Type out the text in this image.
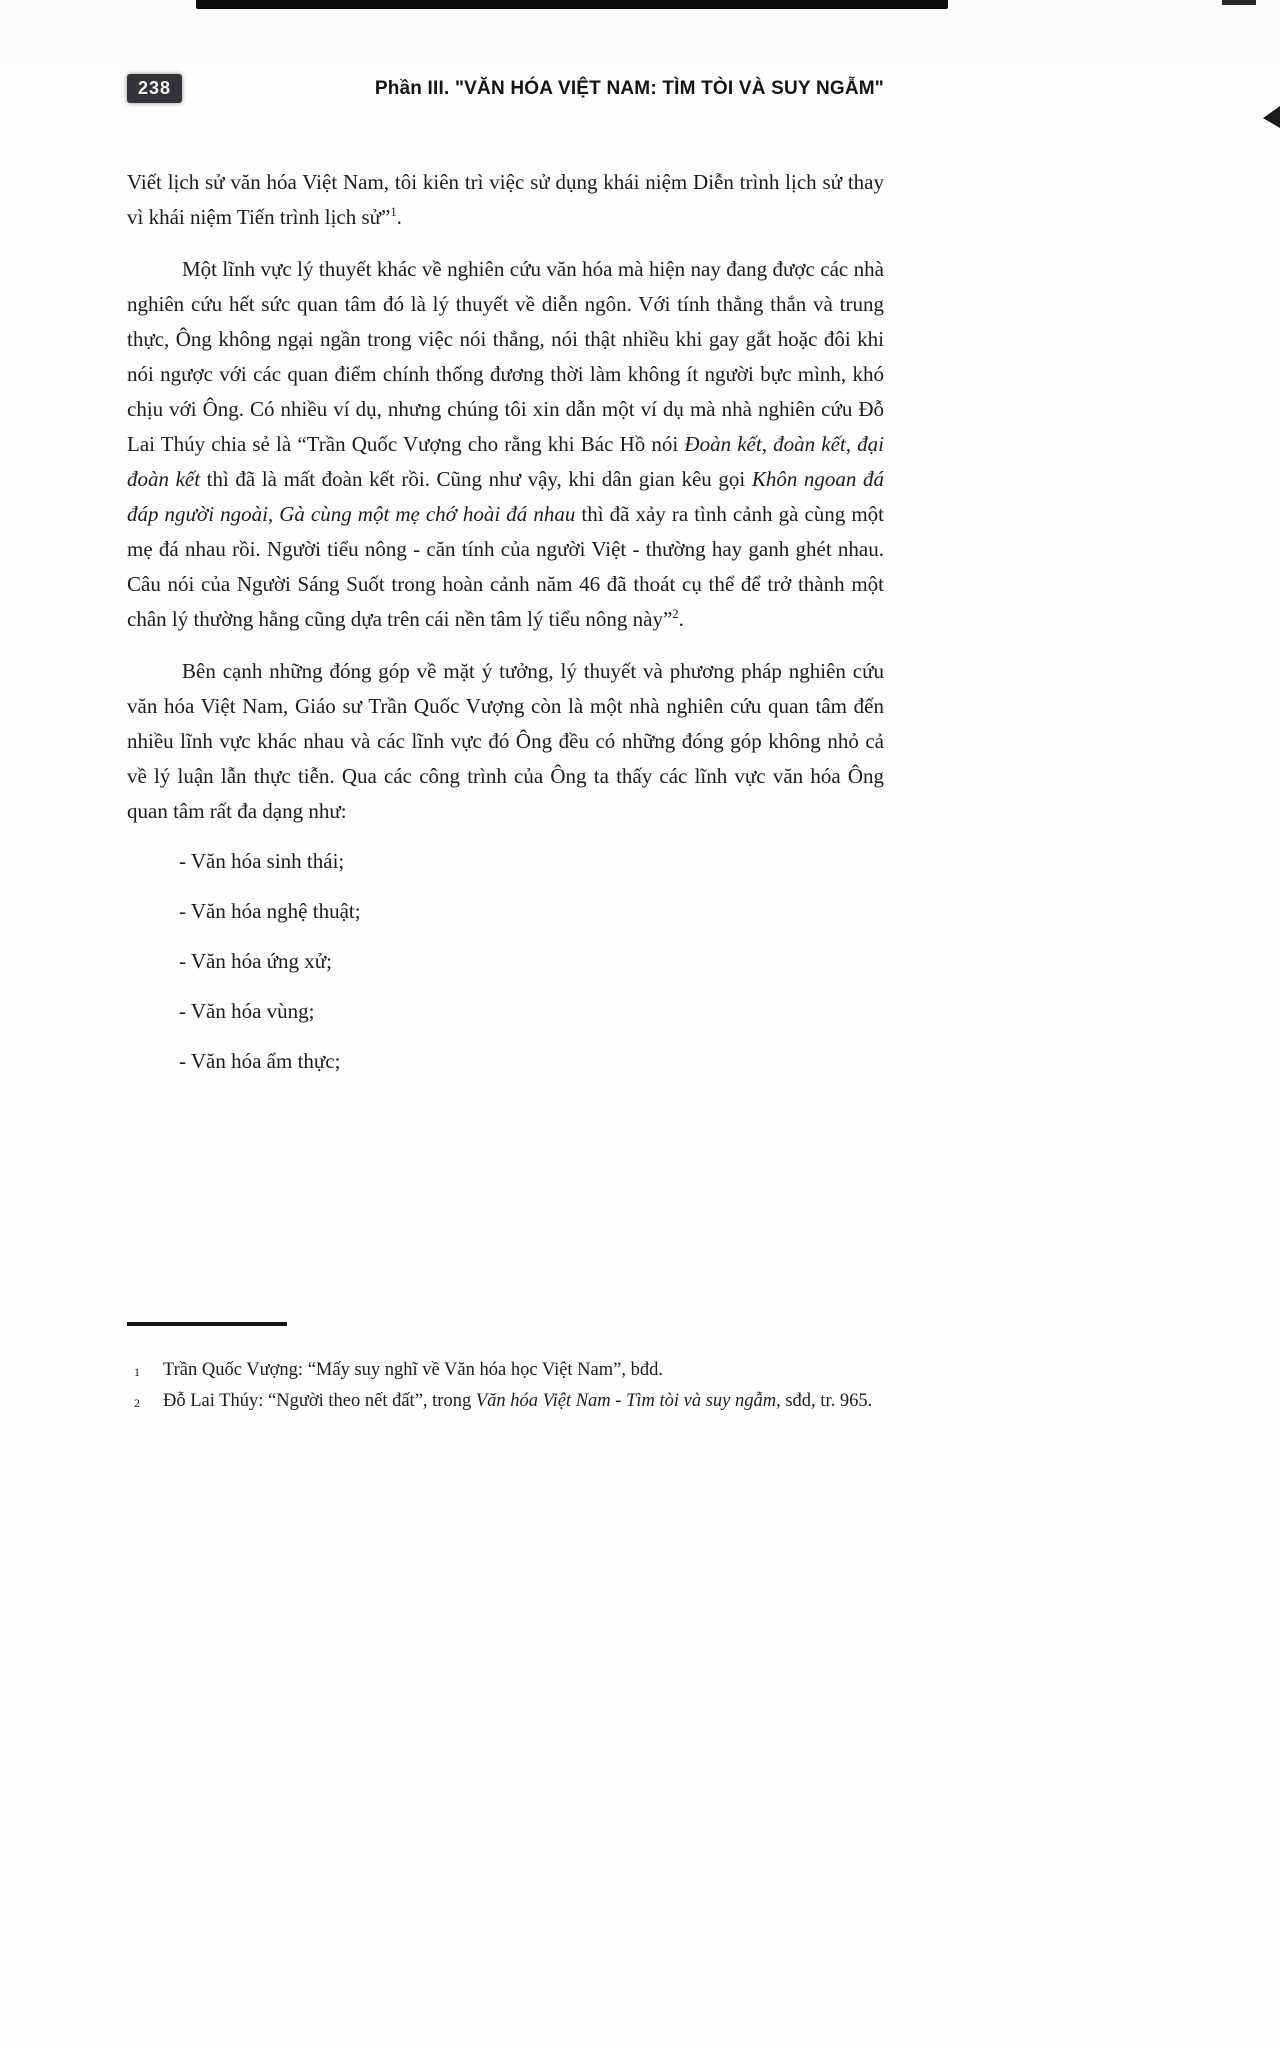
238	Phần III. "VĂN HÓA VIỆT NAM: TÌM TÒI VÀ SUY NGẪM"

Viết lịch sử văn hóa Việt Nam, tôi kiên trì việc sử dụng khái niệm Diễn trình lịch sử thay vì khái niệm Tiến trình lịch sử”$^1$.

Một lĩnh vực lý thuyết khác về nghiên cứu văn hóa mà hiện nay đang được các nhà nghiên cứu hết sức quan tâm đó là lý thuyết về diễn ngôn. Với tính thẳng thắn và trung thực, Ông không ngại ngần trong việc nói thẳng, nói thật nhiều khi gay gắt hoặc đôi khi nói ngược với các quan điểm chính thống đương thời làm không ít người bực mình, khó chịu với Ông. Có nhiều ví dụ, nhưng chúng tôi xin dẫn một ví dụ mà nhà nghiên cứu Đỗ Lai Thúy chia sẻ là “Trần Quốc Vượng cho rằng khi Bác Hồ nói Đoàn kết, đoàn kết, đại đoàn kết thì đã là mất đoàn kết rồi. Cũng như vậy, khi dân gian kêu gọi Khôn ngoan đá đáp người ngoài, Gà cùng một mẹ chớ hoài đá nhau thì đã xảy ra tình cảnh gà cùng một mẹ đá nhau rồi. Người tiểu nông - căn tính của người Việt - thường hay ganh ghét nhau. Câu nói của Người Sáng Suốt trong hoàn cảnh năm 46 đã thoát cụ thể để trở thành một chân lý thường hằng cũng dựa trên cái nền tâm lý tiểu nông này”$^2$.

Bên cạnh những đóng góp về mặt ý tưởng, lý thuyết và phương pháp nghiên cứu văn hóa Việt Nam, Giáo sư Trần Quốc Vượng còn là một nhà nghiên cứu quan tâm đến nhiều lĩnh vực khác nhau và các lĩnh vực đó Ông đều có những đóng góp không nhỏ cả về lý luận lẫn thực tiễn. Qua các công trình của Ông ta thấy các lĩnh vực văn hóa Ông quan tâm rất đa dạng như:

- Văn hóa sinh thái;
- Văn hóa nghệ thuật;
- Văn hóa ứng xử;
- Văn hóa vùng;
- Văn hóa ẩm thực;
1	Trần Quốc Vượng: “Mấy suy nghĩ về Văn hóa học Việt Nam”, bđd.
2	Đỗ Lai Thúy: “Người theo nết đất”, trong Văn hóa Việt Nam - Tìm tòi và suy ngẫm, sđd, tr. 965.
